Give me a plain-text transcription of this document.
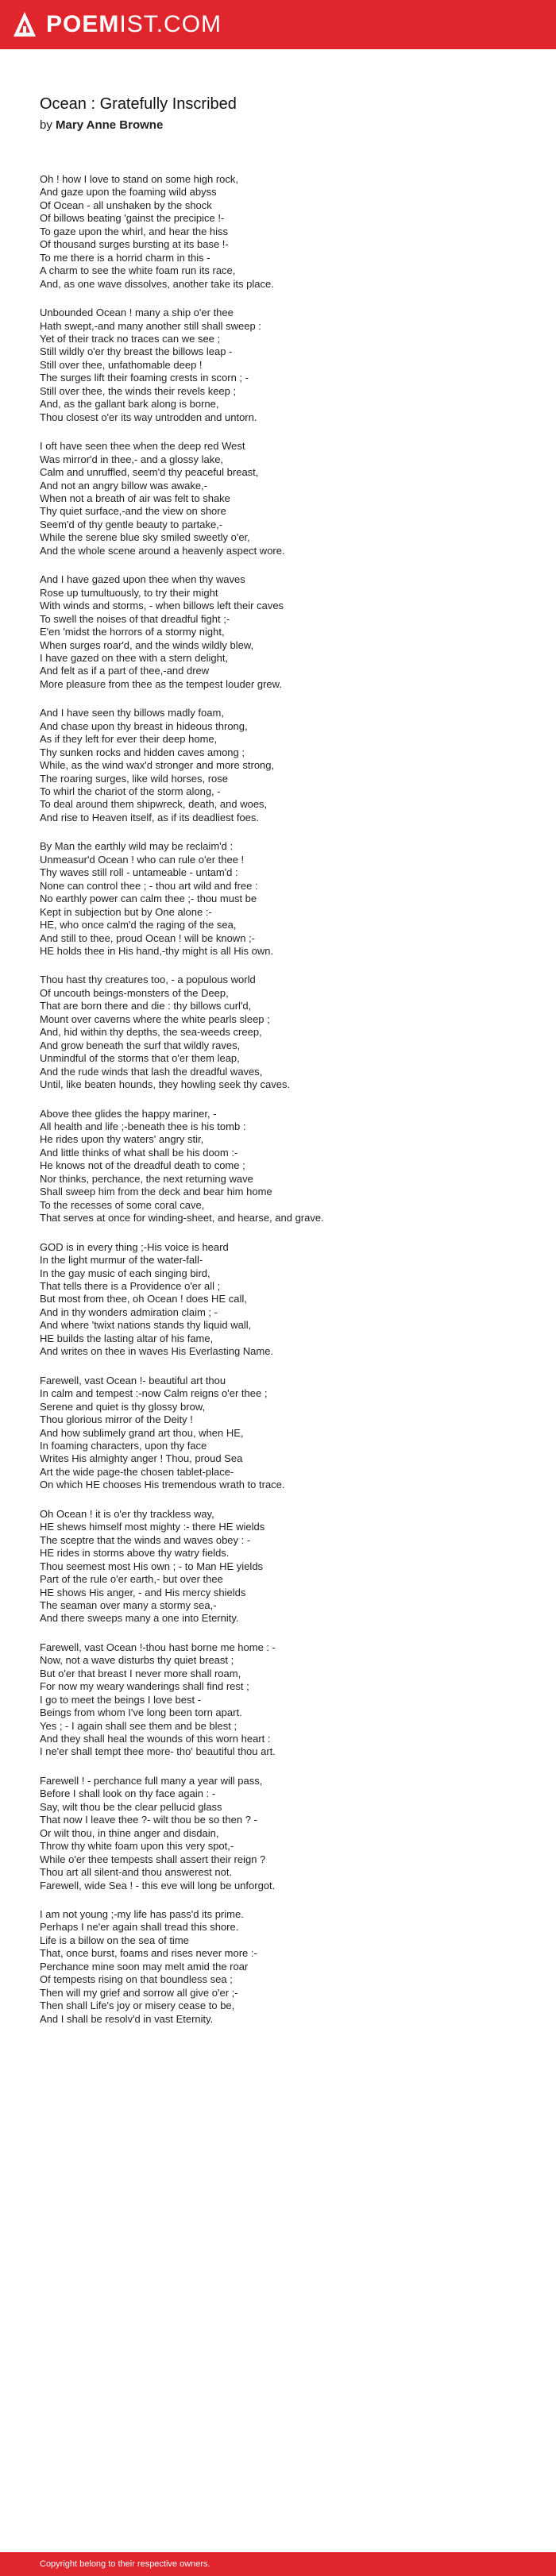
POEMIST.COM
Ocean : Gratefully Inscribed
by Mary Anne Browne
Oh ! how I love to stand on some high rock,
And gaze upon the foaming wild abyss
Of Ocean - all unshaken by the shock
Of billows beating 'gainst the precipice !-
To gaze upon the whirl, and hear the hiss
Of thousand surges bursting at its base !-
To me there is a horrid charm in this -
A charm to see the white foam run its race,
And, as one wave dissolves, another take its place.
Unbounded Ocean ! many a ship o'er thee
Hath swept,-and many another still shall sweep :
Yet of their track no traces can we see ;
Still wildly o'er thy breast the billows leap -
Still over thee, unfathomable deep !
The surges lift their foaming crests in scorn ; -
Still over thee, the winds their revels keep ;
And, as the gallant bark along is borne,
Thou closest o'er its way untrodden and untorn.
I oft have seen thee when the deep red West
Was mirror'd in thee,- and a glossy lake,
Calm and unruffled, seem'd thy peaceful breast,
And not an angry billow was awake,-
When not a breath of air was felt to shake
Thy quiet surface,-and the view on shore
Seem'd of thy gentle beauty to partake,-
While the serene blue sky smiled sweetly o'er,
And the whole scene around a heavenly aspect wore.
And I have gazed upon thee when thy waves
Rose up tumultuously, to try their might
With winds and storms, - when billows left their caves
To swell the noises of that dreadful fight ;-
E'en 'midst the horrors of a stormy night,
When surges roar'd, and the winds wildly blew,
I have gazed on thee with a stern delight,
And felt as if a part of thee,-and drew
More pleasure from thee as the tempest louder grew.
And I have seen thy billows madly foam,
And chase upon thy breast in hideous throng,
As if they left for ever their deep home,
Thy sunken rocks and hidden caves among ;
While, as the wind wax'd stronger and more strong,
The roaring surges, like wild horses, rose
To whirl the chariot of the storm along, -
To deal around them shipwreck, death, and woes,
And rise to Heaven itself, as if its deadliest foes.
By Man the earthly wild may be reclaim'd :
Unmeasur'd Ocean ! who can rule o'er thee !
Thy waves still roll - untameable - untam'd :
None can control thee ; - thou art wild and free :
No earthly power can calm thee ;- thou must be
Kept in subjection but by One alone :-
HE, who once calm'd the raging of the sea,
And still to thee, proud Ocean ! will be known ;-
HE holds thee in His hand,-thy might is all His own.
Thou hast thy creatures too, - a populous world
Of uncouth beings-monsters of the Deep,
That are born there and die : thy billows curl'd,
Mount over caverns where the white pearls sleep ;
And, hid within thy depths, the sea-weeds creep,
And grow beneath the surf that wildly raves,
Unmindful of the storms that o'er them leap,
And the rude winds that lash the dreadful waves,
Until, like beaten hounds, they howling seek thy caves.
Above thee glides the happy mariner, -
All health and life ;-beneath thee is his tomb :
He rides upon thy waters' angry stir,
And little thinks of what shall be his doom :-
He knows not of the dreadful death to come ;
Nor thinks, perchance, the next returning wave
Shall sweep him from the deck and bear him home
To the recesses of some coral cave,
That serves at once for winding-sheet, and hearse, and grave.
GOD is in every thing ;-His voice is heard
In the light murmur of the water-fall-
In the gay music of each singing bird,
That tells there is a Providence o'er all ;
But most from thee, oh Ocean ! does HE call,
And in thy wonders admiration claim ; -
And where 'twixt nations stands thy liquid wall,
HE builds the lasting altar of his fame,
And writes on thee in waves His Everlasting Name.
Farewell, vast Ocean !- beautiful art thou
In calm and tempest :-now Calm reigns o'er thee ;
Serene and quiet is thy glossy brow,
Thou glorious mirror of the Deity !
And how sublimely grand art thou, when HE,
In foaming characters, upon thy face
Writes His almighty anger ! Thou, proud Sea
Art the wide page-the chosen tablet-place-
On which HE chooses His tremendous wrath to trace.
Oh Ocean ! it is o'er thy trackless way,
HE shews himself most mighty :- there HE wields
The sceptre that the winds and waves obey : -
HE rides in storms above thy watry fields.
Thou seemest most His own ; - to Man HE yields
Part of the rule o'er earth,- but over thee
HE shows His anger, - and His mercy shields
The seaman over many a stormy sea,-
And there sweeps many a one into Eternity.
Farewell, vast Ocean !-thou hast borne me home : -
Now, not a wave disturbs thy quiet breast ;
But o'er that breast I never more shall roam,
For now my weary wanderings shall find rest ;
I go to meet the beings I love best -
Beings from whom I've long been torn apart.
Yes ; - I again shall see them and be blest ;
And they shall heal the wounds of this worn heart :
I ne'er shall tempt thee more- tho' beautiful thou art.
Farewell ! - perchance full many a year will pass,
Before I shall look on thy face again : -
Say, wilt thou be the clear pellucid glass
That now I leave thee ?- wilt thou be so then ? -
Or wilt thou, in thine anger and disdain,
Throw thy white foam upon this very spot,-
While o'er thee tempests shall assert their reign ?
Thou art all silent-and thou answerest not.
Farewell, wide Sea ! - this eve will long be unforgot.
I am not young ;-my life has pass'd its prime.
Perhaps I ne'er again shall tread this shore.
Life is a billow on the sea of time
That, once burst, foams and rises never more :-
Perchance mine soon may melt amid the roar
Of tempests rising on that boundless sea ;
Then will my grief and sorrow all give o'er ;-
Then shall Life's joy or misery cease to be,
And I shall be resolv'd in vast Eternity.
Copyright belong to their respective owners.
